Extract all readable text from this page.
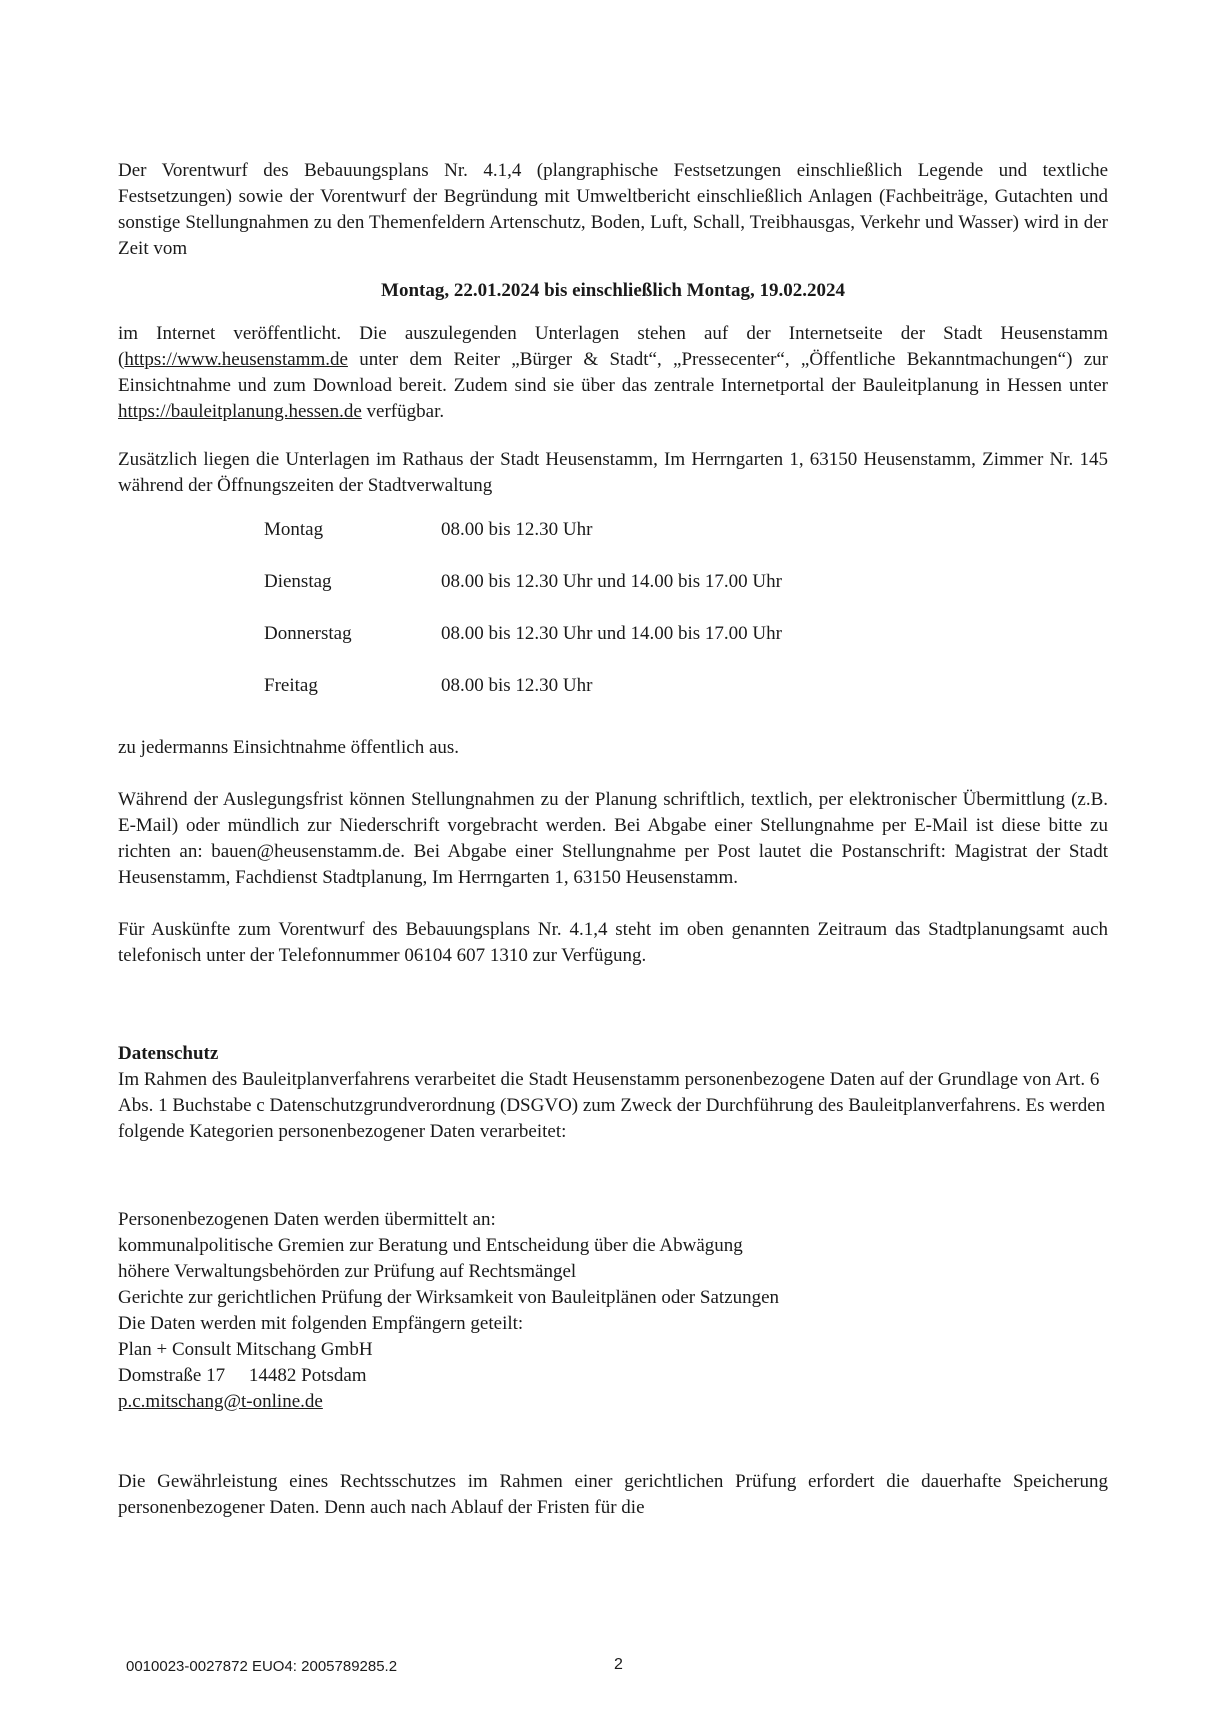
Der Vorentwurf des Bebauungsplans Nr. 4.1,4 (plangraphische Festsetzungen einschließlich Legende und textliche Festsetzungen) sowie der Vorentwurf der Begründung mit Umweltbericht einschließlich Anlagen (Fachbeiträge, Gutachten und sonstige Stellungnahmen zu den Themenfeldern Artenschutz, Boden, Luft, Schall, Treibhausgas, Verkehr und Wasser) wird in der Zeit vom

Montag, 22.01.2024 bis einschließlich Montag, 19.02.2024

im Internet veröffentlicht. Die auszulegenden Unterlagen stehen auf der Internetseite der Stadt Heusenstamm (https://www.heusenstamm.de unter dem Reiter „Bürger & Stadt“, „Pressecenter“, „Öffentliche Bekanntmachungen“) zur Einsichtnahme und zum Download bereit. Zudem sind sie über das zentrale Internetportal der Bauleitplanung in Hessen unter https://bauleitplanung.hessen.de verfügbar.

Zusätzlich liegen die Unterlagen im Rathaus der Stadt Heusenstamm, Im Herrngarten 1, 63150 Heusenstamm, Zimmer Nr. 145 während der Öffnungszeiten der Stadtverwaltung

Montag	08.00 bis 12.30 Uhr
Dienstag	08.00 bis 12.30 Uhr und 14.00 bis 17.00 Uhr
Donnerstag	08.00 bis 12.30 Uhr und 14.00 bis 17.00 Uhr
Freitag	08.00 bis 12.30 Uhr

zu jedermanns Einsichtnahme öffentlich aus.

Während der Auslegungsfrist können Stellungnahmen zu der Planung schriftlich, textlich, per elektronischer Übermittlung (z.B. E-Mail) oder mündlich zur Niederschrift vorgebracht werden. Bei Abgabe einer Stellungnahme per E-Mail ist diese bitte zu richten an: bauen@heusenstamm.de. Bei Abgabe einer Stellungnahme per Post lautet die Postanschrift: Magistrat der Stadt Heusenstamm, Fachdienst Stadtplanung, Im Herrngarten 1, 63150 Heusenstamm.

Für Auskünfte zum Vorentwurf des Bebauungsplans Nr. 4.1,4 steht im oben genannten Zeitraum das Stadtplanungsamt auch telefonisch unter der Telefonnummer 06104 607 1310 zur Verfügung.

Datenschutz

Im Rahmen des Bauleitplanverfahrens verarbeitet die Stadt Heusenstamm personenbezogene Daten auf der Grundlage von Art. 6 Abs. 1 Buchstabe c Datenschutzgrundverordnung (DSGVO) zum Zweck der Durchführung des Bauleitplanverfahrens. Es werden folgende Kategorien personenbezogener Daten verarbeitet:

Personenbezogenen Daten werden übermittelt an:

kommunalpolitische Gremien zur Beratung und Entscheidung über die Abwägung

höhere Verwaltungsbehörden zur Prüfung auf Rechtsmängel

Gerichte zur gerichtlichen Prüfung der Wirksamkeit von Bauleitplänen oder Satzungen

Die Daten werden mit folgenden Empfängern geteilt:

Plan + Consult Mitschang GmbH

Domstraße 17 14482 Potsdam

p.c.mitschang@t-online.de

Die Gewährleistung eines Rechtsschutzes im Rahmen einer gerichtlichen Prüfung erfordert die dauerhafte Speicherung personenbezogener Daten. Denn auch nach Ablauf der Fristen für die

0010023-0027872 EUO4: 2005789285.2	2
